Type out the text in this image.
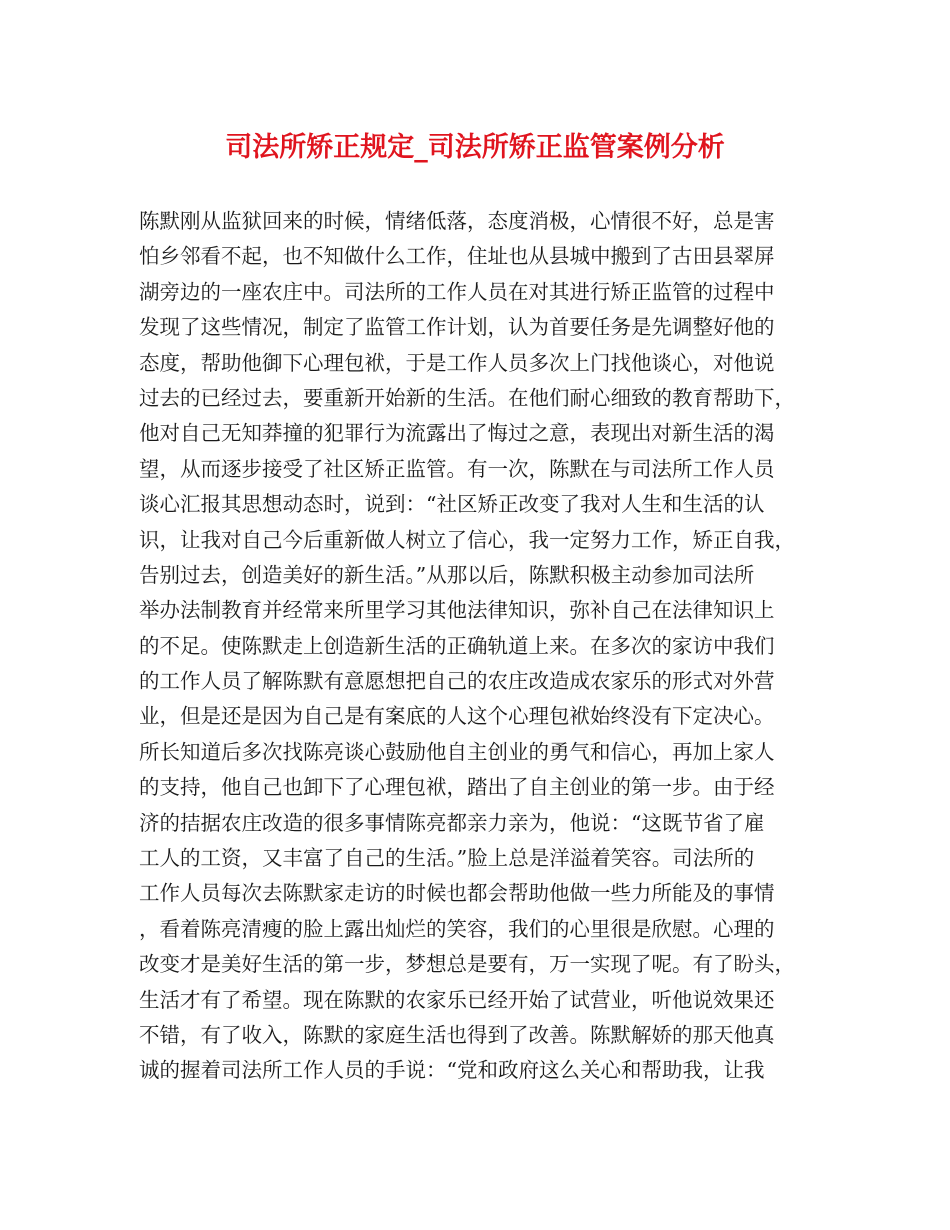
司法所矫正规定_司法所矫正监管案例分析
陈默刚从监狱回来的时候，情绪低落，态度消极，心情很不好，总是害
怕乡邻看不起，也不知做什么工作，住址也从县城中搬到了古田县翠屏
湖旁边的一座农庄中。司法所的工作人员在对其进行矫正监管的过程中
发现了这些情况，制定了监管工作计划，认为首要任务是先调整好他的
态度，帮助他御下心理包袱，于是工作人员多次上门找他谈心，对他说
过去的已经过去，要重新开始新的生活。在他们耐心细致的教育帮助下，
他对自己无知莽撞的犯罪行为流露出了悔过之意，表现出对新生活的渴
望，从而逐步接受了社区矫正监管。有一次，陈默在与司法所工作人员
谈心汇报其思想动态时，说到：“社区矫正改变了我对人生和生活的认
识，让我对自己今后重新做人树立了信心，我一定努力工作，矫正自我，
告别过去，创造美好的新生活。”从那以后，陈默积极主动参加司法所
举办法制教育并经常来所里学习其他法律知识，弥补自己在法律知识上
的不足。使陈默走上创造新生活的正确轨道上来。在多次的家访中我们
的工作人员了解陈默有意愿想把自己的农庄改造成农家乐的形式对外营
业，但是还是因为自己是有案底的人这个心理包袱始终没有下定决心。
所长知道后多次找陈亮谈心鼓励他自主创业的勇气和信心，再加上家人
的支持，他自己也卸下了心理包袱，踏出了自主创业的第一步。由于经
济的拮据农庄改造的很多事情陈亮都亲力亲为，他说：“这既节省了雇
工人的工资，又丰富了自己的生活。”脸上总是洋溢着笑容。司法所的
工作人员每次去陈默家走访的时候也都会帮助他做一些力所能及的事情
，看着陈亮清瘦的脸上露出灿烂的笑容，我们的心里很是欣慰。心理的
改变才是美好生活的第一步，梦想总是要有，万一实现了呢。有了盼头，
生活才有了希望。现在陈默的农家乐已经开始了试营业，听他说效果还
不错，有了收入，陈默的家庭生活也得到了改善。陈默解娇的那天他真
诚的握着司法所工作人员的手说：“党和政府这么关心和帮助我，让我
